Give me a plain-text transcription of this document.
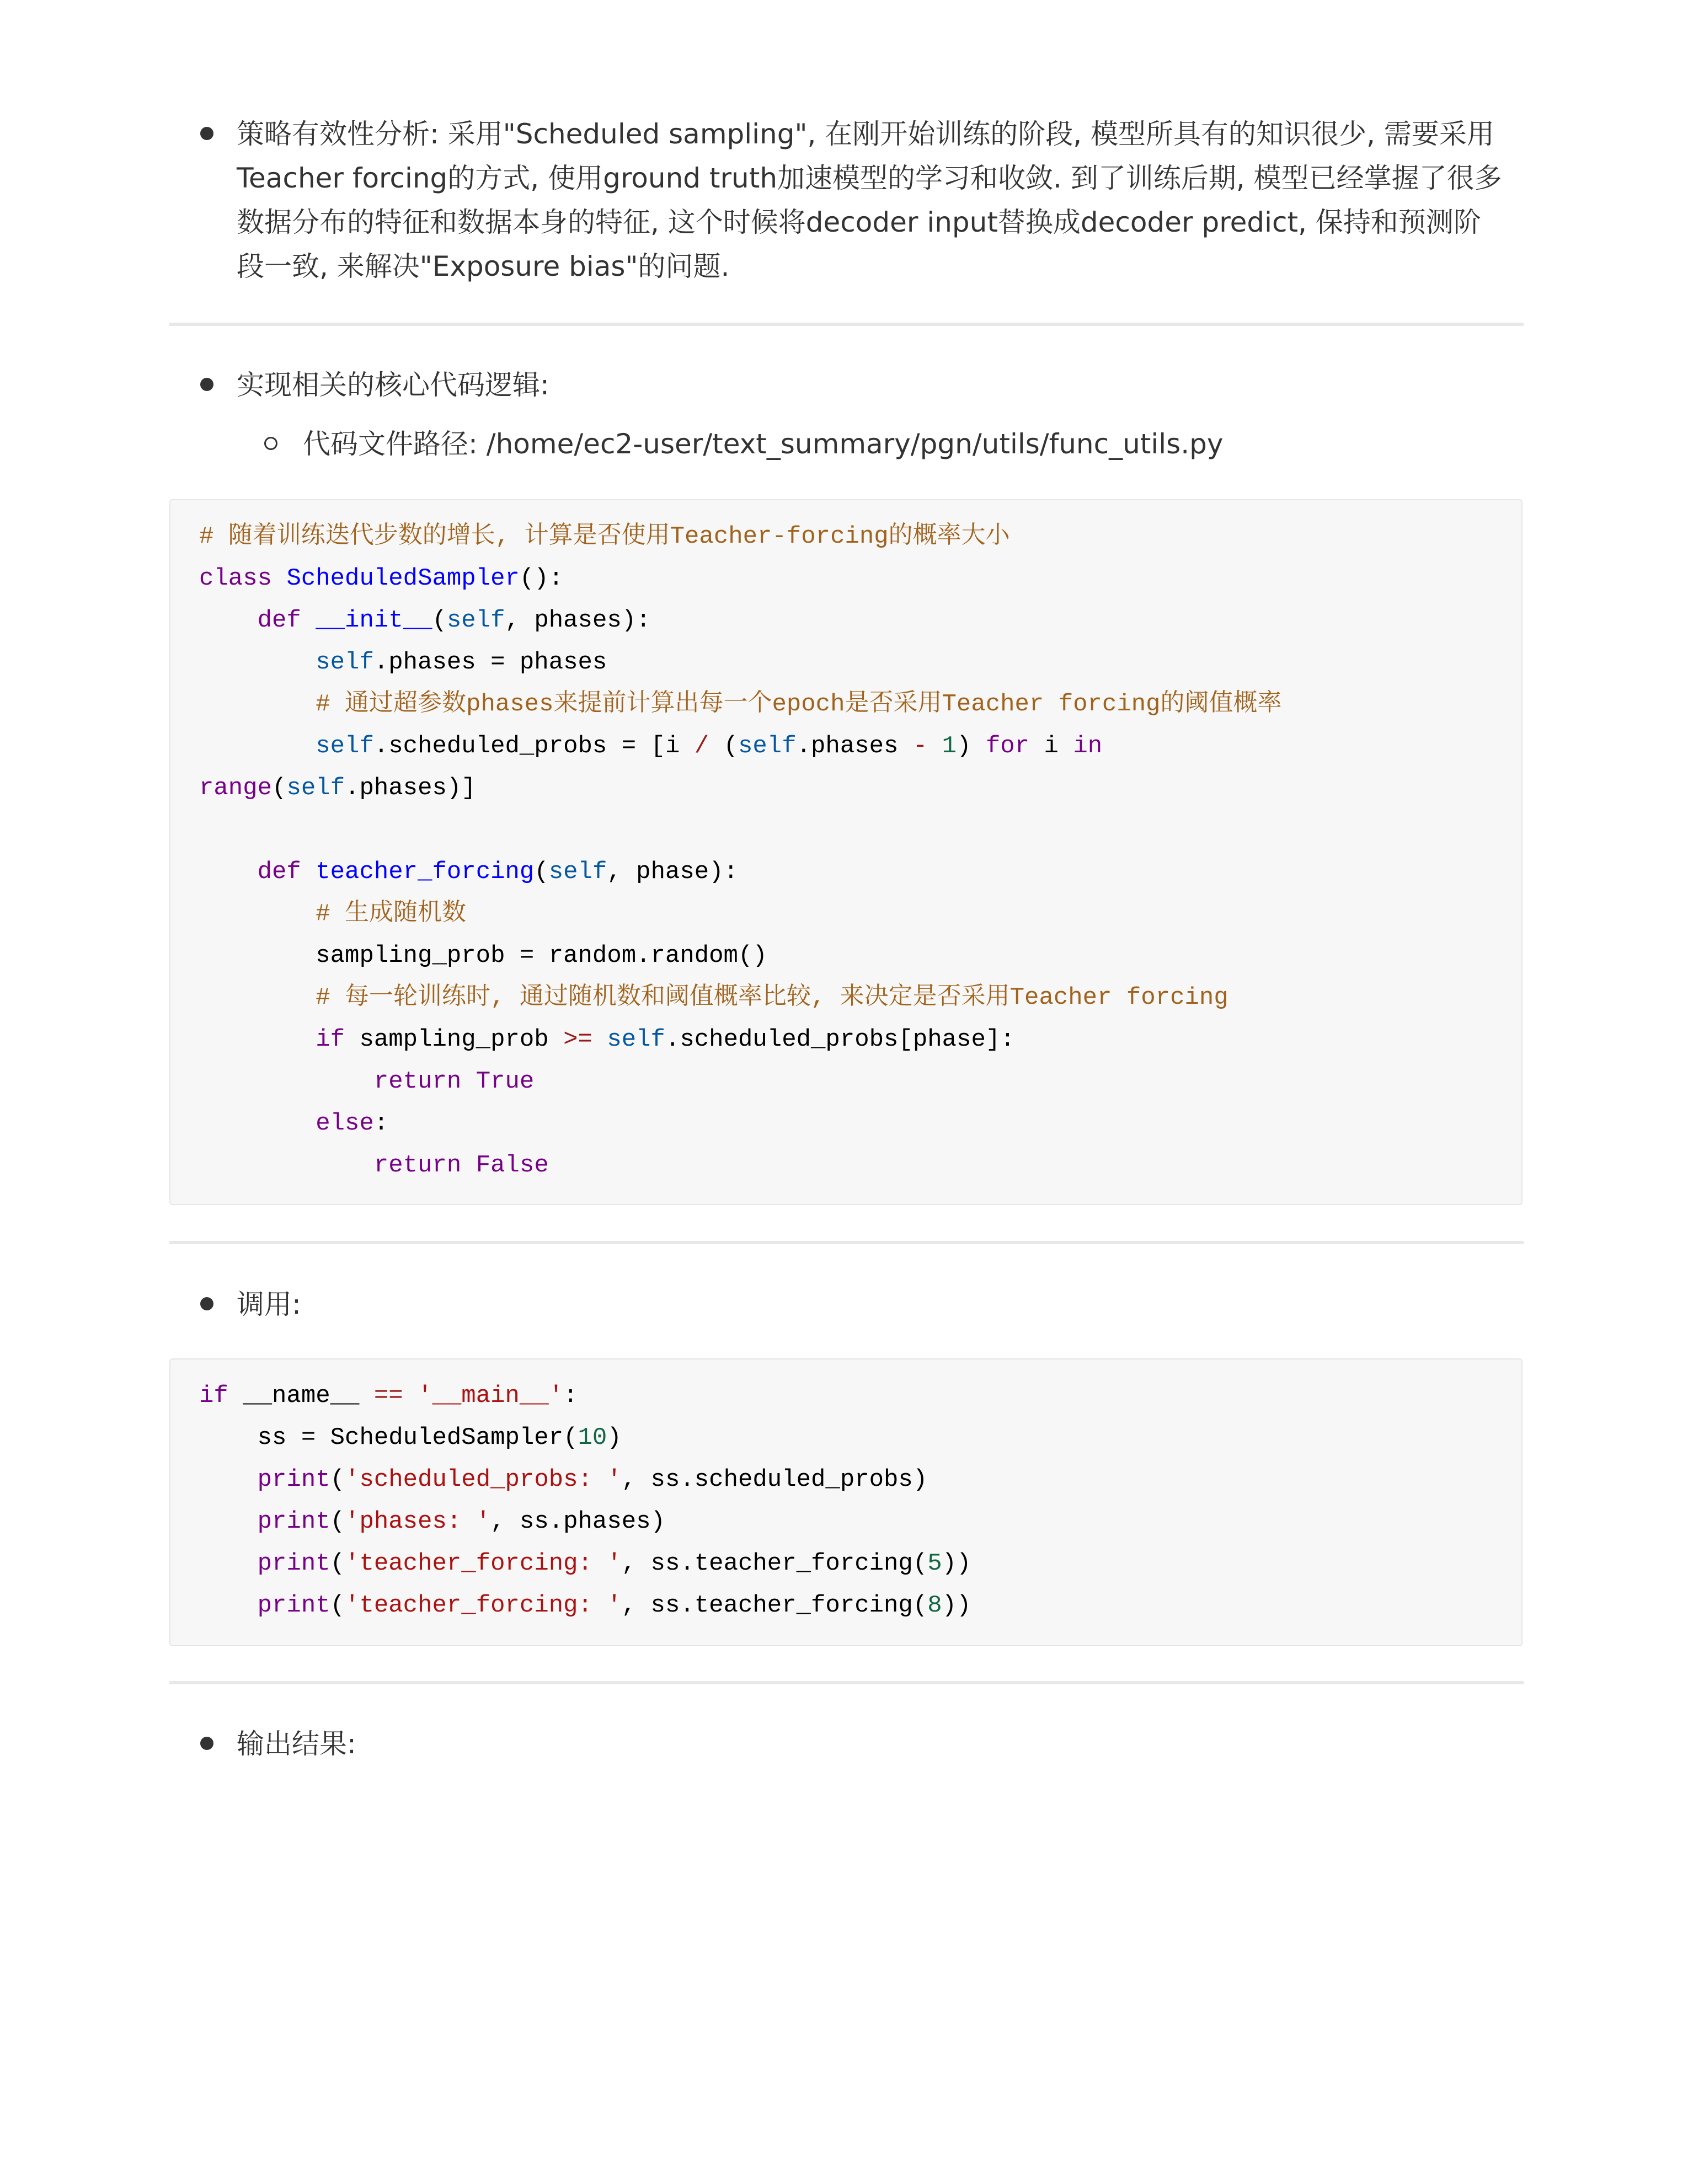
策略有效性分析: 采用"Scheduled sampling", 在刚开始训练的阶段, 模型所具有的知识很少, 需要采用
Teacher forcing的方式, 使用ground truth加速模型的学习和收敛. 到了训练后期, 模型已经掌握了很多
数据分布的特征和数据本身的特征, 这个时候将decoder input替换成decoder predict, 保持和预测阶
段一致, 来解决"Exposure bias"的问题.
实现相关的核心代码逻辑:
代码文件路径: /home/ec2-user/text_summary/pgn/utils/func_utils.py
# 随着训练迭代步数的增长, 计算是否使用Teacher-forcing的概率大小
class ScheduledSampler():
def __init__(self, phases):
self.phases = phases
# 通过超参数phases来提前计算出每一个epoch是否采用Teacher forcing的阈值概率
self.scheduled_probs = [i / (self.phases - 1) for i in
range(self.phases)]
def teacher_forcing(self, phase):
# 生成随机数
sampling_prob = random.random()
# 每一轮训练时, 通过随机数和阈值概率比较, 来决定是否采用Teacher forcing
if sampling_prob >= self.scheduled_probs[phase]:
return True
else:
return False
调用:
if __name__ == '__main__':
ss = ScheduledSampler(10)
print('scheduled_probs: ', ss.scheduled_probs)
print('phases: ', ss.phases)
print('teacher_forcing: ', ss.teacher_forcing(5))
print('teacher_forcing: ', ss.teacher_forcing(8))
输出结果:
